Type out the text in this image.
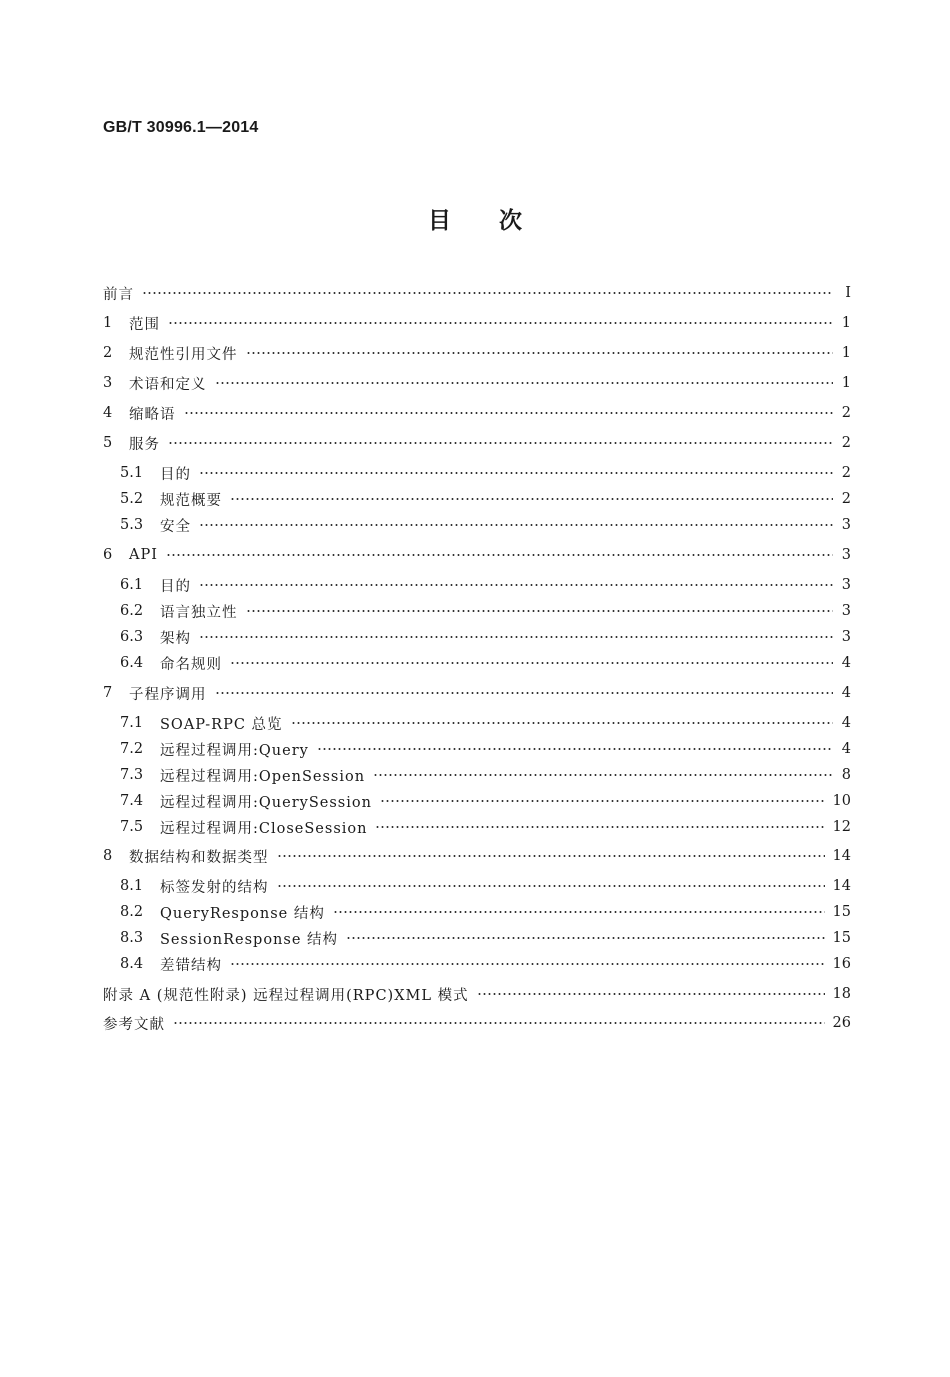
GB/T 30996.1—2014
目次
前言	Ⅰ
1	范围	1
2	规范性引用文件	1
3	术语和定义	1
4	缩略语	2
5	服务	2
5.1	目的	2
5.2	规范概要	2
5.3	安全	3
6	API	3
6.1	目的	3
6.2	语言独立性	3
6.3	架构	3
6.4	命名规则	4
7	子程序调用	4
7.1	SOAP-RPC 总览	4
7.2	远程过程调用:Query	4
7.3	远程过程调用:OpenSession	8
7.4	远程过程调用:QuerySession	10
7.5	远程过程调用:CloseSession	12
8	数据结构和数据类型	14
8.1	标签发射的结构	14
8.2	QueryResponse 结构	15
8.3	SessionResponse 结构	15
8.4	差错结构	16
附录 A (规范性附录) 远程过程调用(RPC)XML 模式	18
参考文献	26
